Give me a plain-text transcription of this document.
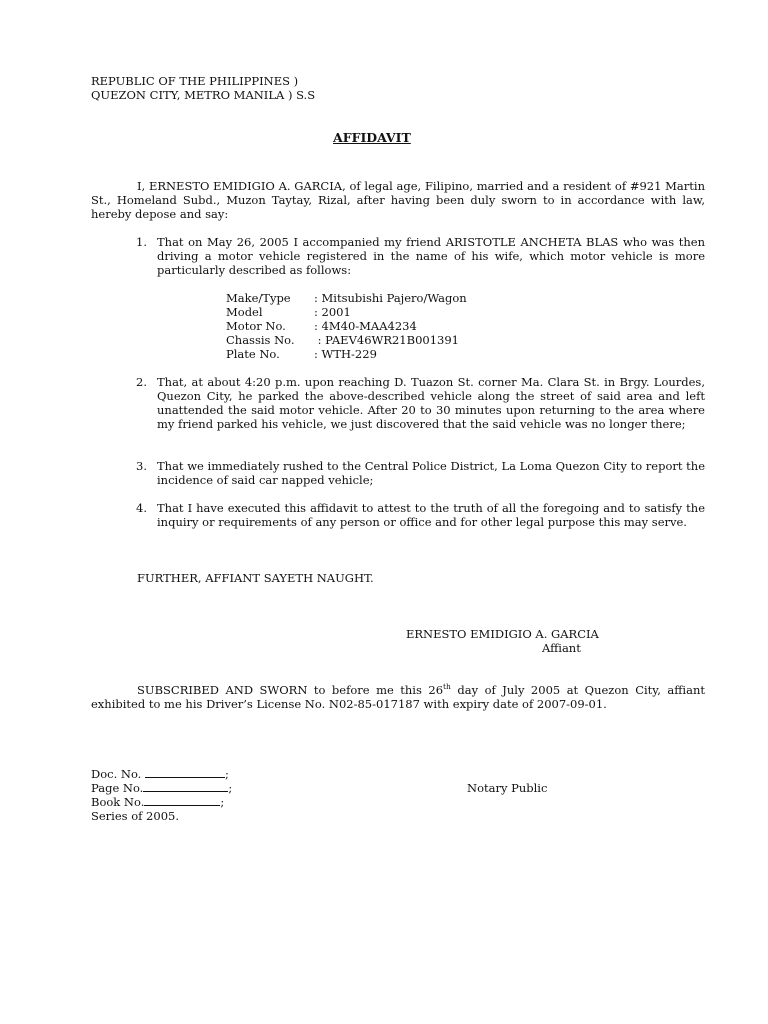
REPUBLIC OF THE PHILIPPINES )
QUEZON CITY, METRO MANILA ) S.S
AFFIDAVIT
I, ERNESTO EMIDIGIO A. GARCIA, of legal age, Filipino, married and a resident of #921 Martin St., Homeland Subd., Muzon Taytay, Rizal, after having been duly sworn to in accordance with law, hereby depose and say:
1. That on May 26, 2005 I accompanied my friend ARISTOTLE ANCHETA BLAS who was then driving a motor vehicle registered in the name of his wife, which motor vehicle is more particularly described as follows:
Make/Type : Mitsubishi Pajero/Wagon
Model	: 2001
Motor No. : 4M40-MAA4234
Chassis No. : PAEV46WR21B001391
Plate No.	: WTH-229
2. That, at about 4:20 p.m. upon reaching D. Tuazon St. corner Ma. Clara St. in Brgy. Lourdes, Quezon City, he parked the above-described vehicle along the street of said area and left unattended the said motor vehicle. After 20 to 30 minutes upon returning to the area where my friend parked his vehicle, we just discovered that the said vehicle was no longer there;
3. That we immediately rushed to the Central Police District, La Loma Quezon City to report the incidence of said car napped vehicle;
4. That I have executed this affidavit to attest to the truth of all the foregoing and to satisfy the inquiry or requirements of any person or office and for other legal purpose this may serve.
FURTHER, AFFIANT SAYETH NAUGHT.
ERNESTO EMIDIGIO A. GARCIA
Affiant
SUBSCRIBED AND SWORN to before me this 26th day of July 2005 at Quezon City, affiant exhibited to me his Driver’s License No. N02-85-017187 with expiry date of 2007-09-01.
Doc. No.	;
Page No.	;
Book No.	;
Series of 2005.
Notary Public
